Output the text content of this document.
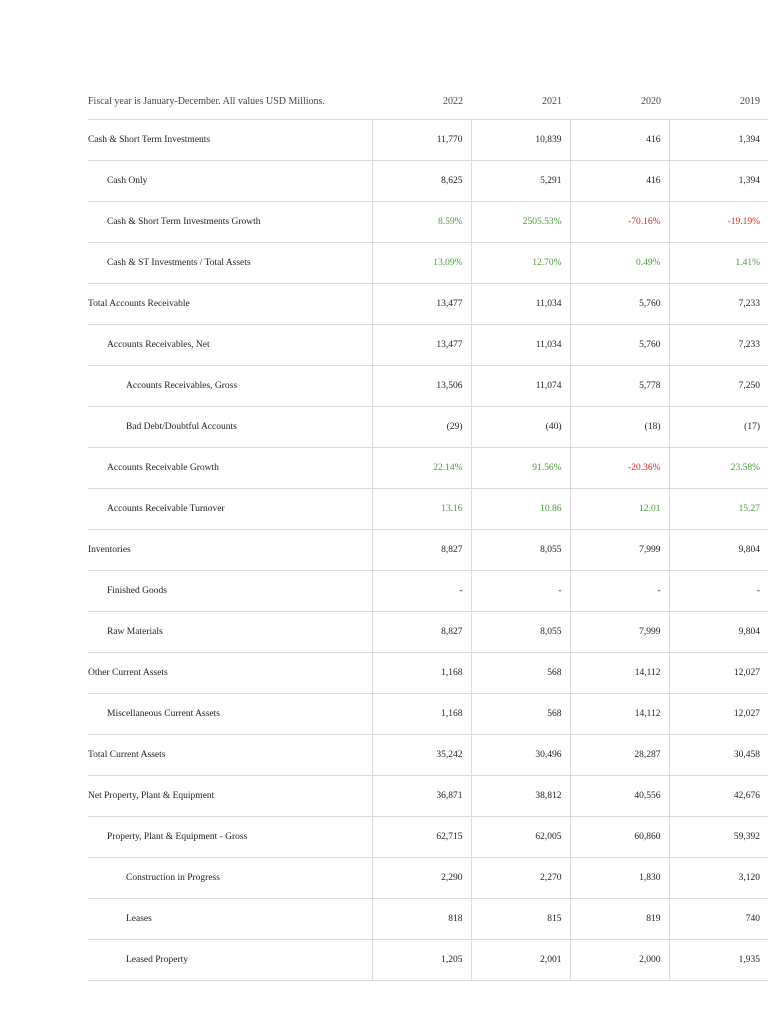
Fiscal year is January-December. All values USD Millions.	2022	2021	2020	2019
Cash & Short Term Investments	11,770	10,839	416	1,394
Cash Only	8,625	5,291	416	1,394
Cash & Short Term Investments Growth	8.59%	2505.53%	-70.16%	-19.19%
Cash & ST Investments / Total Assets	13.09%	12.70%	0.49%	1.41%
Total Accounts Receivable	13,477	11,034	5,760	7,233
Accounts Receivables, Net	13,477	11,034	5,760	7,233
Accounts Receivables, Gross	13,506	11,074	5,778	7,250
Bad Debt/Doubtful Accounts	(29)	(40)	(18)	(17)
Accounts Receivable Growth	22.14%	91.56%	-20.36%	23.58%
Accounts Receivable Turnover	13.16	10.86	12.01	15.27
Inventories	8,827	8,055	7,999	9,804
Finished Goods	-	-	-	-
Raw Materials	8,827	8,055	7,999	9,804
Other Current Assets	1,168	568	14,112	12,027
Miscellaneous Current Assets	1,168	568	14,112	12,027
Total Current Assets	35,242	30,496	28,287	30,458
Net Property, Plant & Equipment	36,871	38,812	40,556	42,676
Property, Plant & Equipment - Gross	62,715	62,005	60,860	59,392
Construction in Progress	2,290	2,270	1,830	3,120
Leases	818	815	819	740
Leased Property	1,205	2,001	2,000	1,935
